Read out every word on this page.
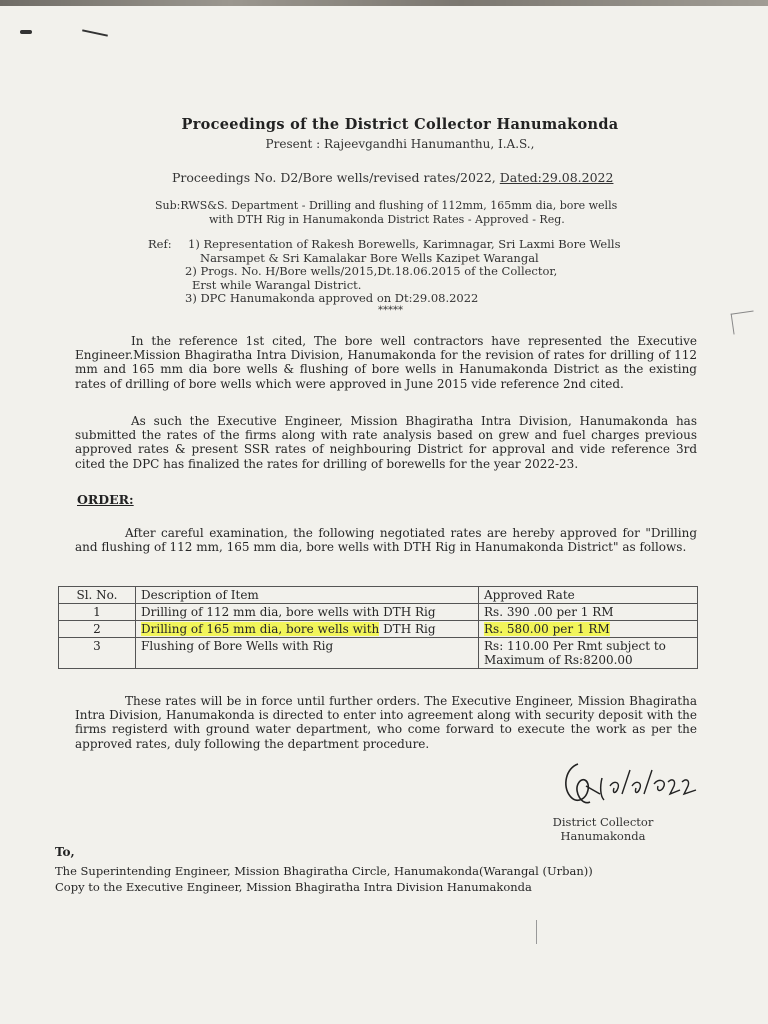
Proceedings of the District Collector Hanumakonda
Present : Rajeevgandhi Hanumanthu, I.A.S.,
Proceedings No. D2/Bore wells/revised rates/2022, Dated:29.08.2022
Sub:RWS&S. Department - Drilling and flushing of 112mm, 165mm dia, bore wells
with DTH Rig in Hanumakonda District Rates - Approved - Reg.
Ref:	1) Representation of Rakesh Borewells, Karimnagar, Sri Laxmi Bore Wells
Narsampet & Sri Kamalakar Bore Wells Kazipet Warangal
2) Progs. No. H/Bore wells/2015,Dt.18.06.2015 of the Collector,
Erst while Warangal District.
3) DPC Hanumakonda approved on Dt:29.08.2022
*****
In the reference 1st cited, The bore well contractors have represented the Executive Engineer.Mission Bhagiratha Intra Division, Hanumakonda for the revision of rates for drilling of 112 mm and 165 mm dia bore wells & flushing of bore wells in Hanumakonda District as the existing rates of drilling of bore wells which were approved in June 2015 vide reference 2nd cited.
As such the Executive Engineer, Mission Bhagiratha Intra Division, Hanumakonda has submitted the rates of the firms along with rate analysis based on grew and fuel charges previous approved rates & present SSR rates of neighbouring District for approval and vide reference 3rd cited the DPC has finalized the rates for drilling of borewells for the year 2022-23.
ORDER:
After careful examination, the following negotiated rates are hereby approved for "Drilling and flushing of 112 mm, 165 mm dia, bore wells with DTH Rig in Hanumakonda District" as follows.
Sl. No.	Description of Item	Approved Rate
1	Drilling of 112 mm dia, bore wells with DTH Rig	Rs. 390 .00 per 1 RM
2	Drilling of 165 mm dia, bore wells with DTH Rig	Rs. 580.00 per 1 RM
3	Flushing of Bore Wells with Rig	Rs: 110.00 Per Rmt subject to
Maximum of Rs:8200.00
These rates will be in force until further orders. The Executive Engineer, Mission Bhagiratha Intra Division, Hanumakonda is directed to enter into agreement along with security deposit with the firms registerd with ground water department, who come forward to execute the work as per the approved rates, duly following the department procedure.
District Collector
Hanumakonda
To,
The Superintending Engineer, Mission Bhagiratha Circle, Hanumakonda(Warangal (Urban))
Copy to the Executive Engineer, Mission Bhagiratha Intra Division Hanumakonda
